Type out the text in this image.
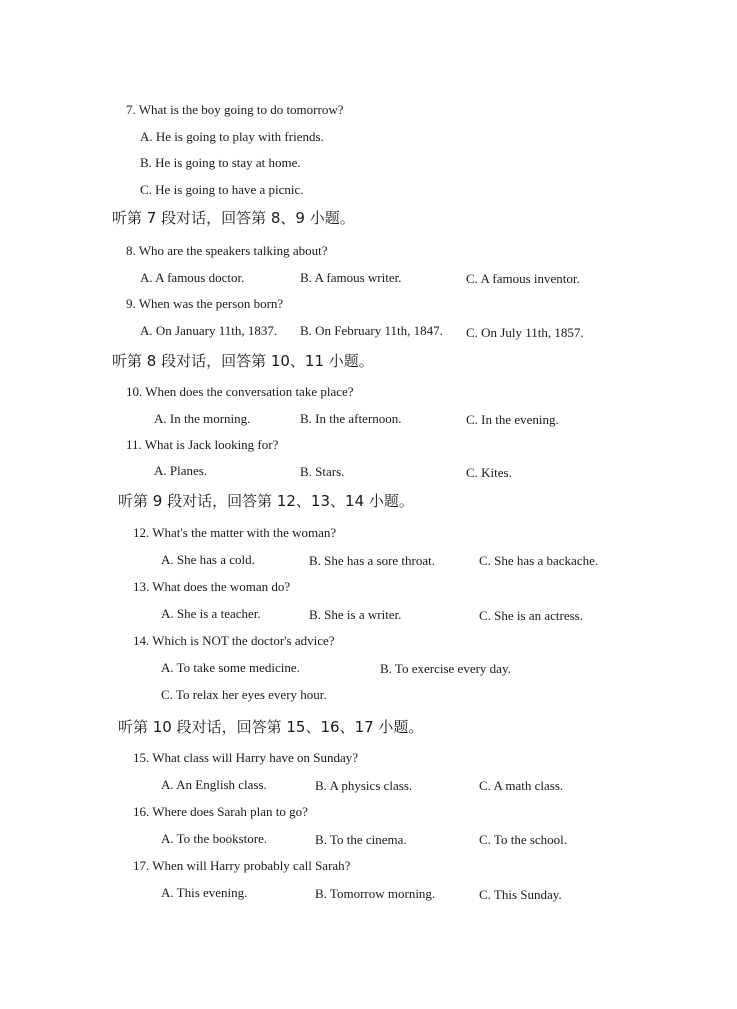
7. What is the boy going to do tomorrow?
A. He is going to play with friends.
B. He is going to stay at home.
C. He is going to have a picnic.
听第 7 段对话，回答第 8、9 小题。
8. Who are the speakers talking about?
A. A famous doctor.	B. A famous writer.	C. A famous inventor.
9. When was the person born?
A. On January 11th, 1837. B. On February 11th, 1847. C. On July 11th, 1857.
听第 8 段对话，回答第 10、11 小题。
10. When does the conversation take place?
A. In the morning.	B. In the afternoon.	C. In the evening.
11. What is Jack looking for?
A. Planes.	B. Stars.	C. Kites.
听第 9 段对话，回答第 12、13、14 小题。
12. What's the matter with the woman?
A. She has a cold.	B. She has a sore throat.	C. She has a backache.
13. What does the woman do?
A. She is a teacher.	B. She is a writer.	C. She is an actress.
14. Which is NOT the doctor's advice?
A. To take some medicine.	B. To exercise every day.
C. To relax her eyes every hour.
听第 10 段对话，回答第 15、16、17 小题。
15. What class will Harry have on Sunday?
A. An English class.	B. A physics class.	C. A math class.
16. Where does Sarah plan to go?
A. To the bookstore.	B. To the cinema.	C. To the school.
17. When will Harry probably call Sarah?
A. This evening.	B. Tomorrow morning.	C. This Sunday.
